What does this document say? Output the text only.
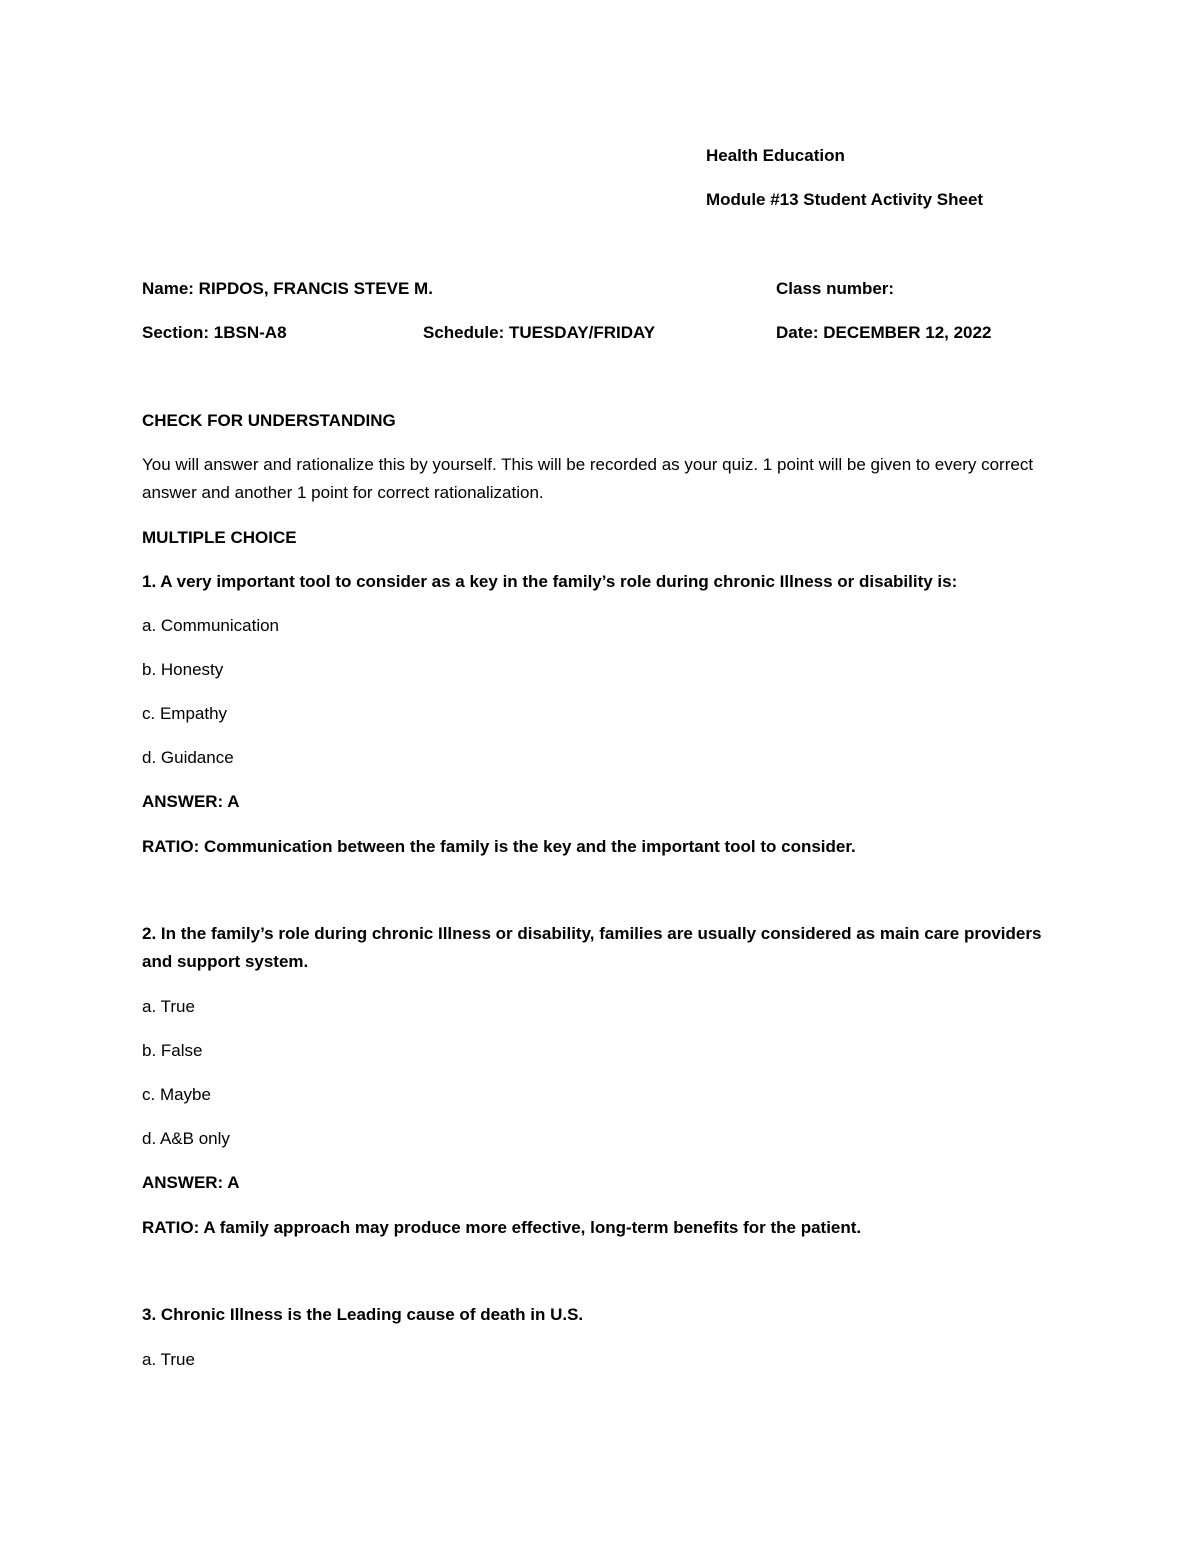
Health Education
Module #13 Student Activity Sheet
Name: RIPDOS, FRANCIS STEVE M.	Class number:
Section: 1BSN-A8	Schedule: TUESDAY/FRIDAY	Date: DECEMBER 12, 2022
CHECK FOR UNDERSTANDING
You will answer and rationalize this by yourself. This will be recorded as your quiz. 1 point will be given to every correct answer and another 1 point for correct rationalization.
MULTIPLE CHOICE
1. A very important tool to consider as a key in the family’s role during chronic Illness or disability is:
a. Communication
b. Honesty
c. Empathy
d. Guidance
ANSWER: A
RATIO: Communication between the family is the key and the important tool to consider.
2. In the family’s role during chronic Illness or disability, families are usually considered as main care providers and support system.
a. True
b. False
c. Maybe
d. A&B only
ANSWER: A
RATIO: A family approach may produce more effective, long-term benefits for the patient.
3. Chronic Illness is the Leading cause of death in U.S.
a. True
